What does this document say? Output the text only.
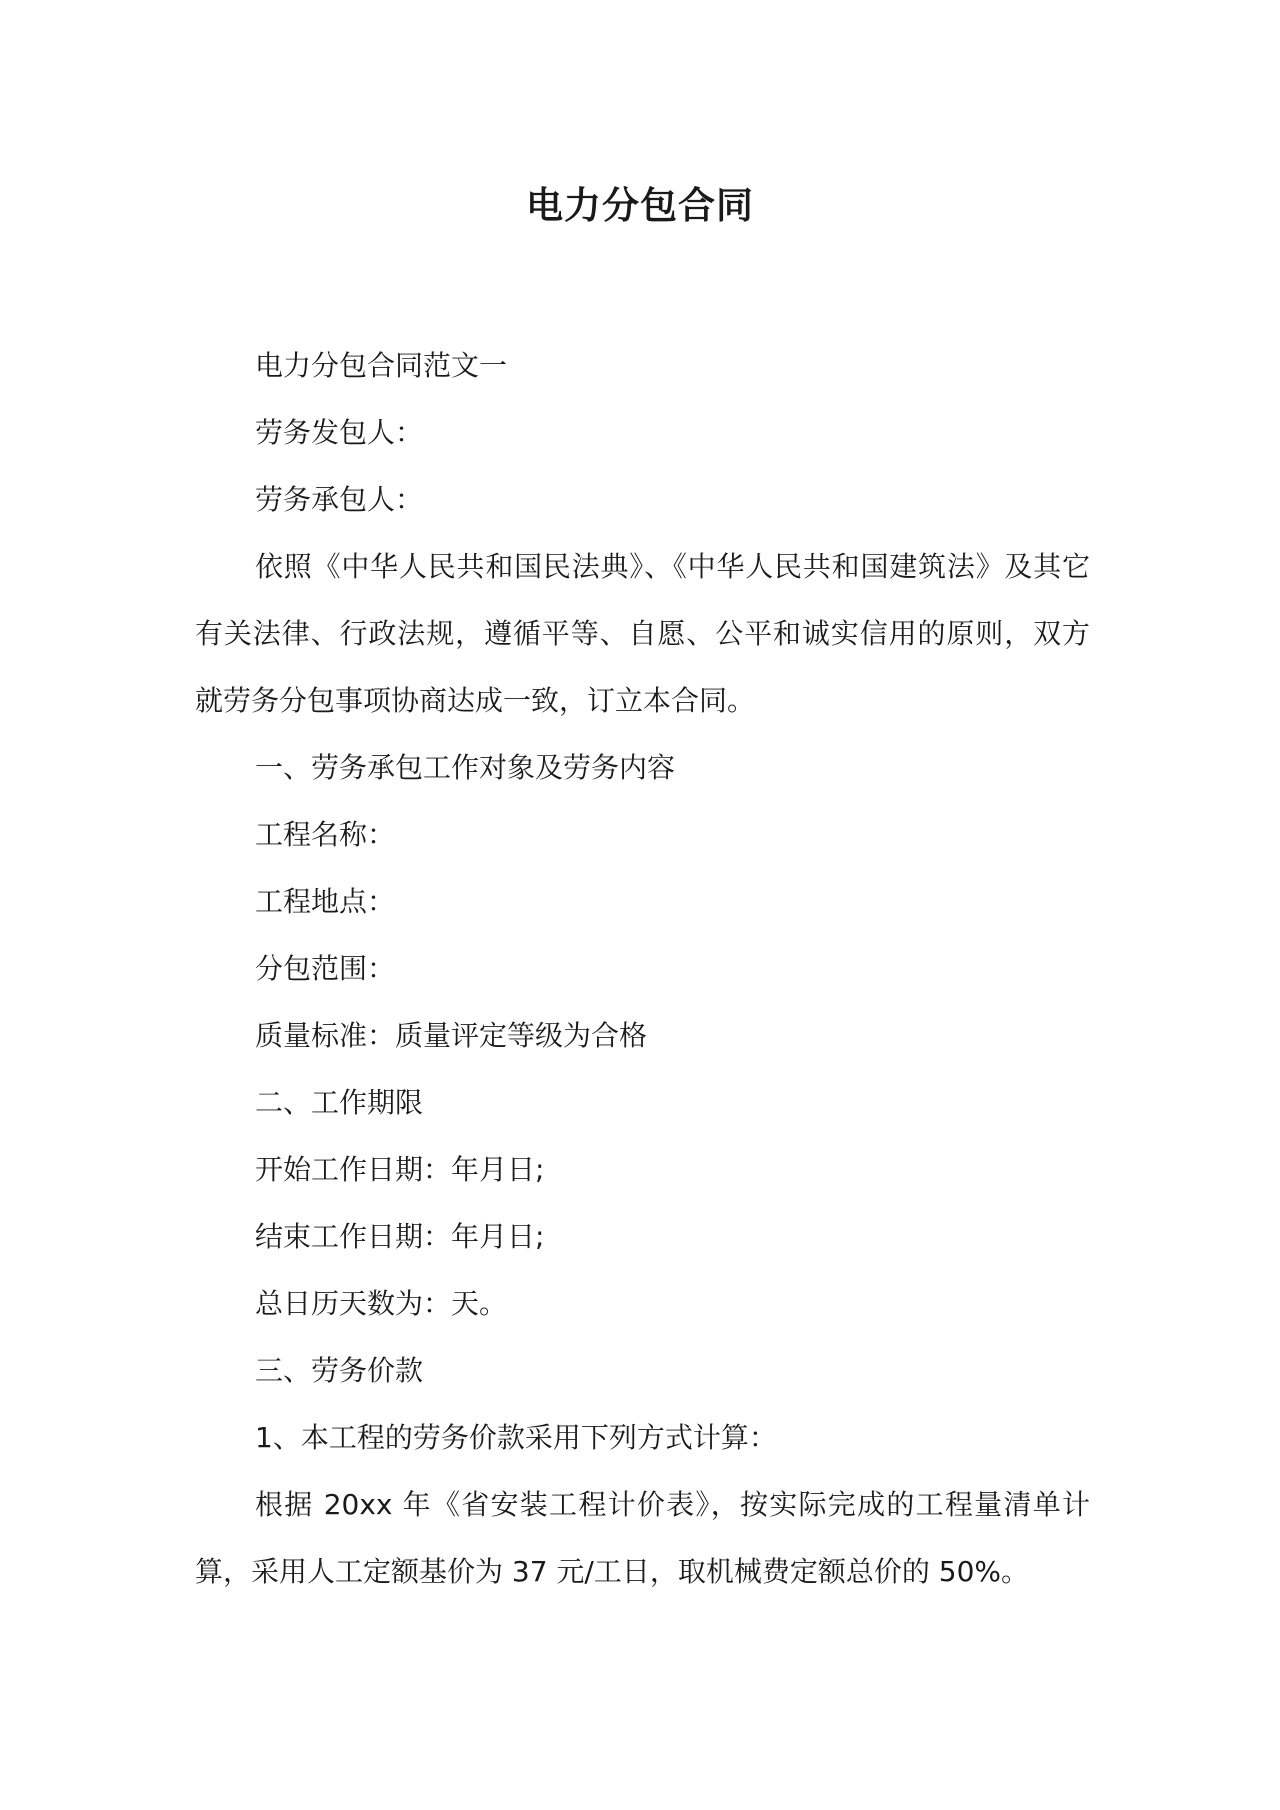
电力分包合同

电力分包合同范文一

劳务发包人：

劳务承包人：

依照《中华人民共和国民法典》、《中华人民共和国建筑法》及其它有关法律、行政法规，遵循平等、自愿、公平和诚实信用的原则，双方就劳务分包事项协商达成一致，订立本合同。

一、劳务承包工作对象及劳务内容

工程名称：

工程地点：

分包范围：

质量标准：质量评定等级为合格

二、工作期限

开始工作日期：年月日;

结束工作日期：年月日;

总日历天数为：天。

三、劳务价款

1、本工程的劳务价款采用下列方式计算：

根据 20xx 年《省安装工程计价表》，按实际完成的工程量清单计算，采用人工定额基价为 37 元/工日，取机械费定额总价的 50%。
